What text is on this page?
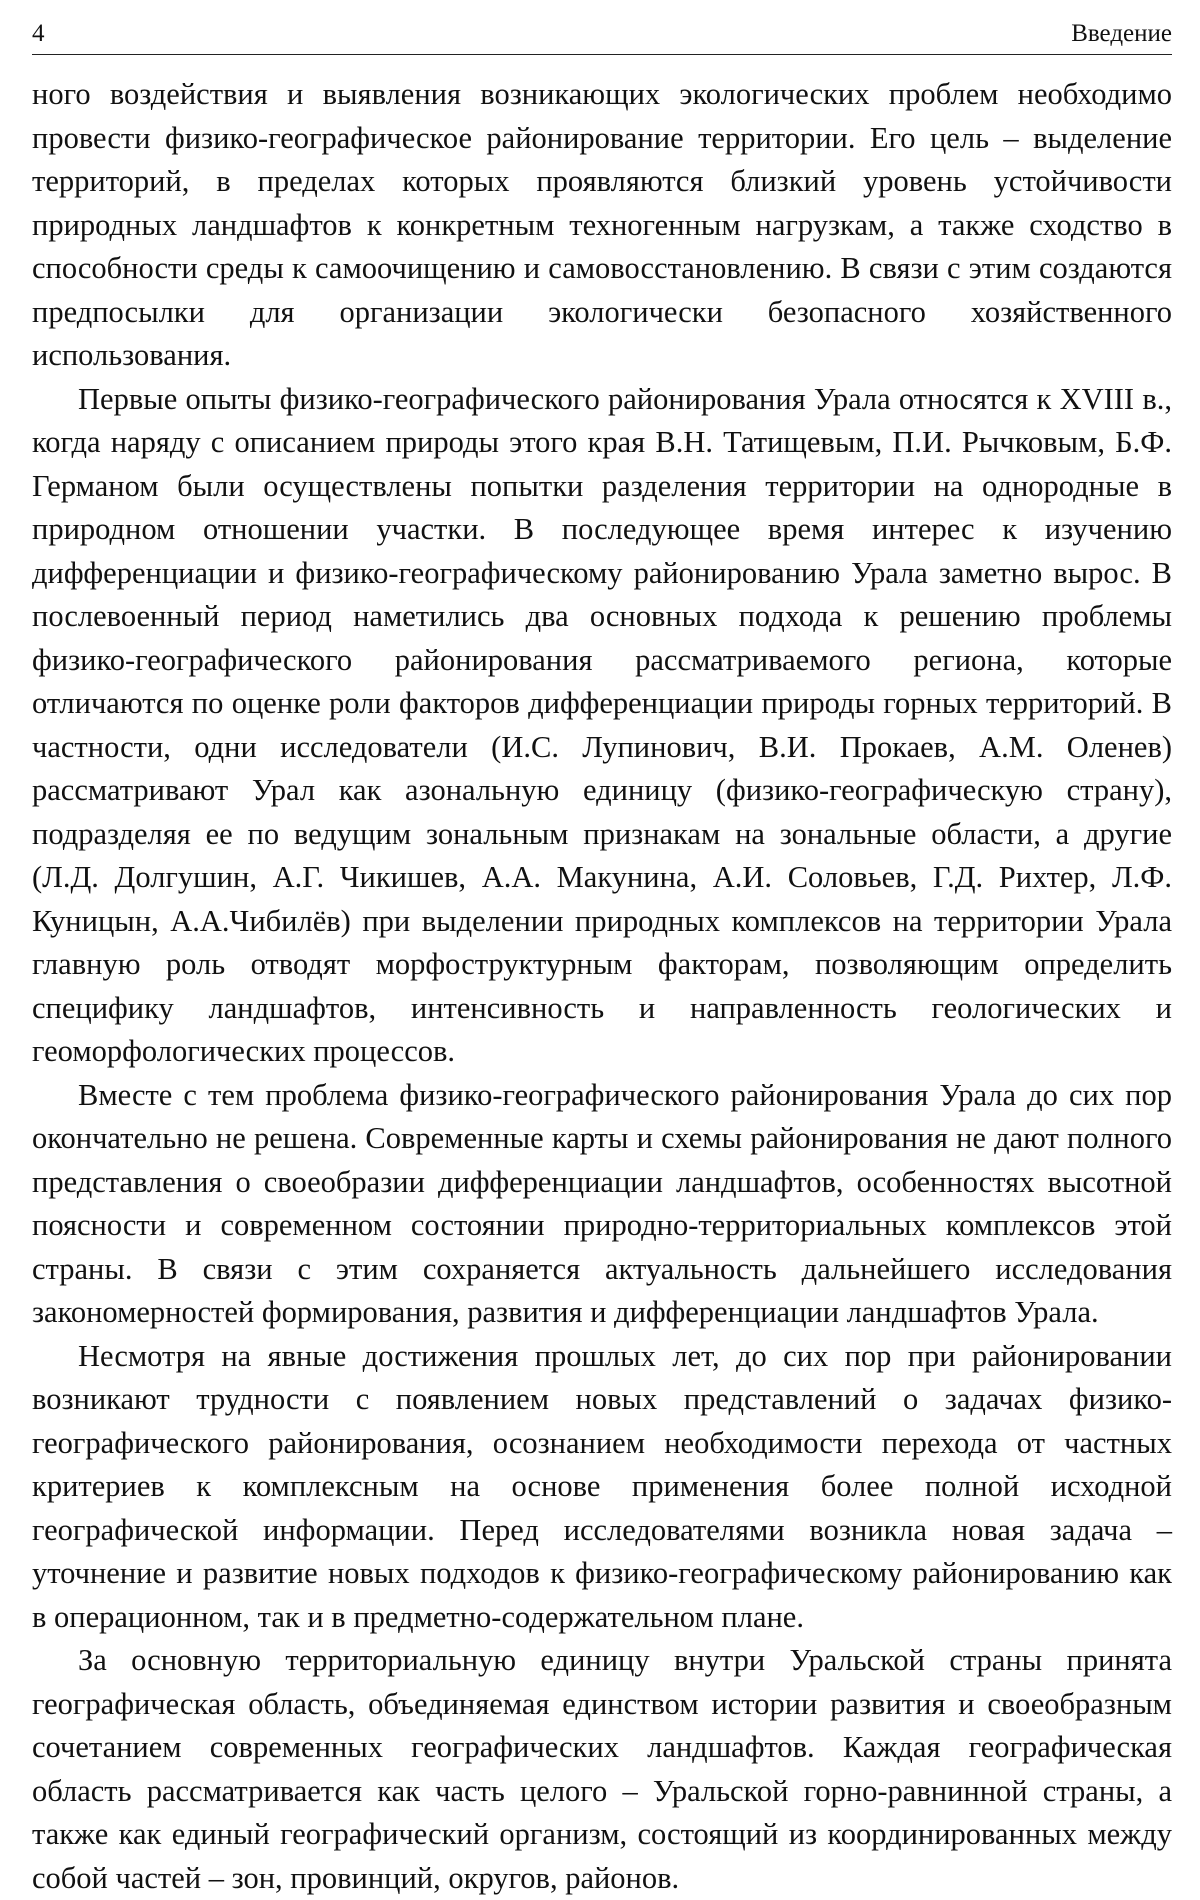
4	Введение

ного воздействия и выявления возникающих экологических проблем необходимо провести физико-географическое районирование территории. Его цель – выделение территорий, в пределах которых проявляются близкий уровень устойчивости природных ландшафтов к конкретным техногенным нагрузкам, а также сходство в способности среды к самоочищению и самовосстановлению. В связи с этим создаются предпосылки для организации экологически безопасного хозяйственного использования.

Первые опыты физико-географического районирования Урала относятся к XVIII в., когда наряду с описанием природы этого края В.Н. Татищевым, П.И. Рычковым, Б.Ф. Германом были осуществлены попытки разделения территории на однородные в природном отношении участки. В последующее время интерес к изучению дифференциации и физико-географическому районированию Урала заметно вырос. В послевоенный период наметились два основных подхода к решению проблемы физико-географического районирования рассматриваемого региона, которые отличаются по оценке роли факторов дифференциации природы горных территорий. В частности, одни исследователи (И.С. Лупинович, В.И. Прокаев, А.М. Оленев) рассматривают Урал как азональную единицу (физико-географическую страну), подразделяя ее по ведущим зональным признакам на зональные области, а другие (Л.Д. Долгушин, А.Г. Чикишев, А.А. Макунина, А.И. Соловьев, Г.Д. Рихтер, Л.Ф. Куницын, А.А.Чибилёв) при выделении природных комплексов на территории Урала главную роль отводят морфоструктурным факторам, позволяющим определить специфику ландшафтов, интенсивность и направленность геологических и геоморфологических процессов.

Вместе с тем проблема физико-географического районирования Урала до сих пор окончательно не решена. Современные карты и схемы районирования не дают полного представления о своеобразии дифференциации ландшафтов, особенностях высотной поясности и современном состоянии природно-территориальных комплексов этой страны. В связи с этим сохраняется актуальность дальнейшего исследования закономерностей формирования, развития и дифференциации ландшафтов Урала.

Несмотря на явные достижения прошлых лет, до сих пор при районировании возникают трудности с появлением новых представлений о задачах физико-географического районирования, осознанием необходимости перехода от частных критериев к комплексным на основе применения более полной исходной географической информации. Перед исследователями возникла новая задача – уточнение и развитие новых подходов к физико-географическому районированию как в операционном, так и в предметно-содержательном плане.

За основную территориальную единицу внутри Уральской страны принята географическая область, объединяемая единством истории развития и своеобразным сочетанием современных географических ландшафтов. Каждая географическая область рассматривается как часть целого – Уральской горно-равнинной страны, а также как единый географический организм, состоящий из координированных между собой частей – зон, провинций, округов, районов.
